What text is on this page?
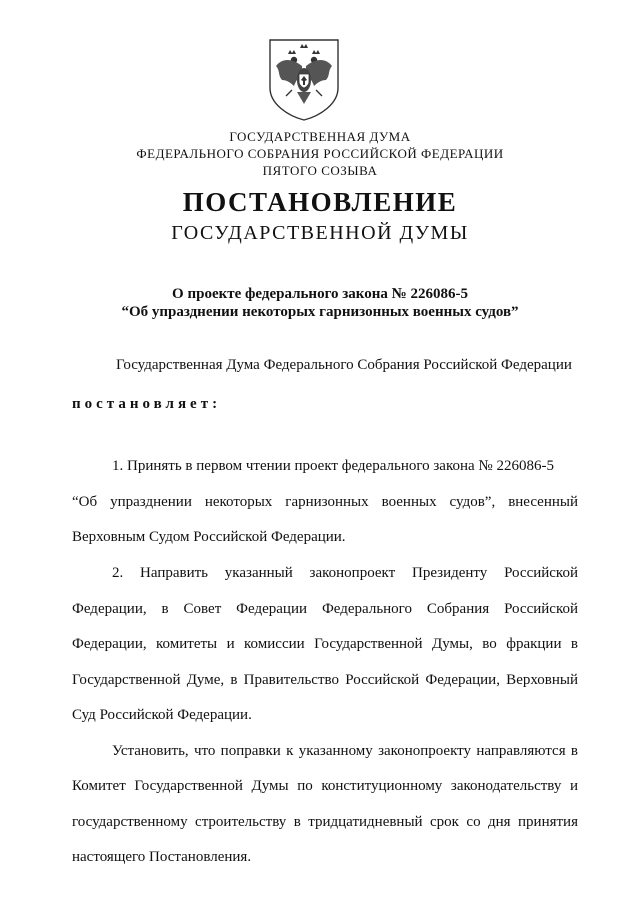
ГОСУДАРСТВЕННАЯ ДУМА
ФЕДЕРАЛЬНОГО СОБРАНИЯ РОССИЙСКОЙ ФЕДЕРАЦИИ
ПЯТОГО СОЗЫВА
ПОСТАНОВЛЕНИЕ
ГОСУДАРСТВЕННОЙ ДУМЫ
О проекте федерального закона № 226086-5
“Об упразднении некоторых гарнизонных военных судов”
Государственная Дума Федерального Собрания Российской Федерации
постановляет:
1. Принять в первом чтении проект федерального закона № 226086-5
“Об упразднении некоторых гарнизонных военных судов”, внесенный
Верховным Судом Российской Федерации.
2. Направить указанный законопроект Президенту Российской
Федерации, в Совет Федерации Федерального Собрания Российской
Федерации, комитеты и комиссии Государственной Думы, во фракции в
Государственной Думе, в Правительство Российской Федерации, Верховный
Суд Российской Федерации.
Установить, что поправки к указанному законопроекту направляются в
Комитет Государственной Думы по конституционному законодательству и
государственному строительству в тридцатидневный срок со дня принятия
настоящего Постановления.
